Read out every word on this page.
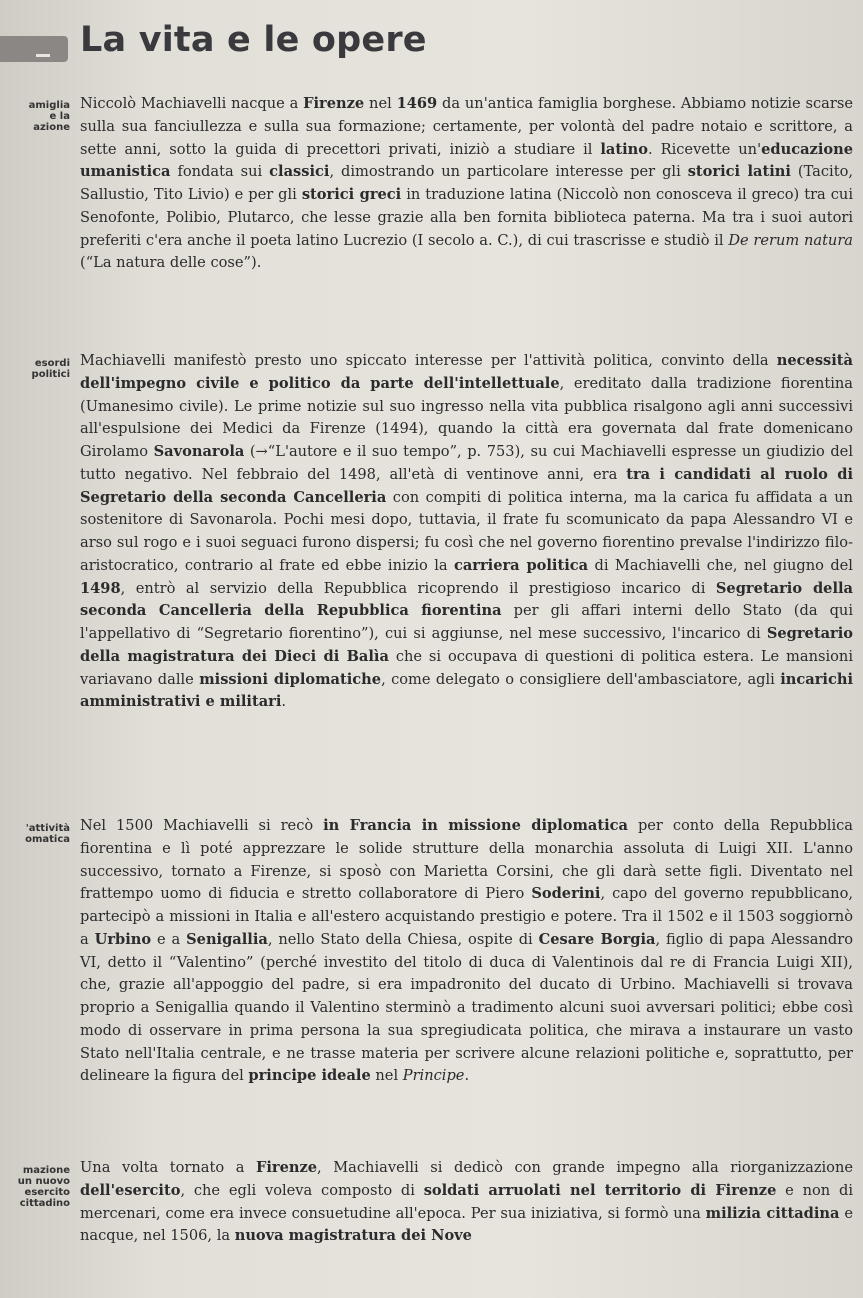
La vita e le opere
amiglia
e la
azione

Niccolò Machiavelli nacque a Firenze nel 1469 da un'antica famiglia borghese. Abbiamo notizie scarse sulla sua fanciullezza e sulla sua formazione; certamente, per volontà del padre notaio e scrittore, a sette anni, sotto la guida di precettori privati, iniziò a studiare il latino. Ricevette un'educazione umanistica fondata sui classici, dimostrando un particolare interesse per gli storici latini (Tacito, Sallustio, Tito Livio) e per gli storici greci in traduzione latina (Niccolò non conosceva il greco) tra cui Senofonte, Polibio, Plutarco, che lesse grazie alla ben fornita biblioteca paterna. Ma tra i suoi autori preferiti c'era anche il poeta latino Lucrezio (I secolo a. C.), di cui trascrisse e studiò il De rerum natura (“La natura delle cose”).

esordi
politici

Machiavelli manifestò presto uno spiccato interesse per l'attività politica, convinto della necessità dell'impegno civile e politico da parte dell'intellettuale, ereditato dalla tradizione fiorentina (Umanesimo civile). Le prime notizie sul suo ingresso nella vita pubblica risalgono agli anni successivi all'espulsione dei Medici da Firenze (1494), quando la città era governata dal frate domenicano Girolamo Savonarola (→“L'autore e il suo tempo”, p. 753), su cui Machiavelli espresse un giudizio del tutto negativo. Nel febbraio del 1498, all'età di ventinove anni, era tra i candidati al ruolo di Segretario della seconda Cancelleria con compiti di politica interna, ma la carica fu affidata a un sostenitore di Savonarola. Pochi mesi dopo, tuttavia, il frate fu scomunicato da papa Alessandro VI e arso sul rogo e i suoi seguaci furono dispersi; fu così che nel governo fiorentino prevalse l'indirizzo filoaristocratico, contrario al frate ed ebbe inizio la carriera politica di Machiavelli che, nel giugno del 1498, entrò al servizio della Repubblica ricoprendo il prestigioso incarico di Segretario della seconda Cancelleria della Repubblica fiorentina per gli affari interni dello Stato (da qui l'appellativo di “Segretario fiorentino”), cui si aggiunse, nel mese successivo, l'incarico di Segretario della magistratura dei Dieci di Balìa che si occupava di questioni di politica estera. Le mansioni variavano dalle missioni diplomatiche, come delegato o consigliere dell'ambasciatore, agli incarichi amministrativi e militari.

'attività
omatica

Nel 1500 Machiavelli si recò in Francia in missione diplomatica per conto della Repubblica fiorentina e lì poté apprezzare le solide strutture della monarchia assoluta di Luigi XII. L'anno successivo, tornato a Firenze, si sposò con Marietta Corsini, che gli darà sette figli. Diventato nel frattempo uomo di fiducia e stretto collaboratore di Piero Soderini, capo del governo repubblicano, partecipò a missioni in Italia e all'estero acquistando prestigio e potere. Tra il 1502 e il 1503 soggiornò a Urbino e a Senigallia, nello Stato della Chiesa, ospite di Cesare Borgia, figlio di papa Alessandro VI, detto il “Valentino” (perché investito del titolo di duca di Valentinois dal re di Francia Luigi XII), che, grazie all'appoggio del padre, si era impadronito del ducato di Urbino. Machiavelli si trovava proprio a Senigallia quando il Valentino sterminò a tradimento alcuni suoi avversari politici; ebbe così modo di osservare in prima persona la sua spregiudicata politica, che mirava a instaurare un vasto Stato nell'Italia centrale, e ne trasse materia per scrivere alcune relazioni politiche e, soprattutto, per delineare la figura del principe ideale nel Principe.

mazione
un nuovo
esercito
cittadino

Una volta tornato a Firenze, Machiavelli si dedicò con grande impegno alla riorganizzazione dell'esercito, che egli voleva composto di soldati arruolati nel territorio di Firenze e non di mercenari, come era invece consuetudine all'epoca. Per sua iniziativa, si formò una milizia cittadina e nacque, nel 1506, la nuova magistratura dei Nove
